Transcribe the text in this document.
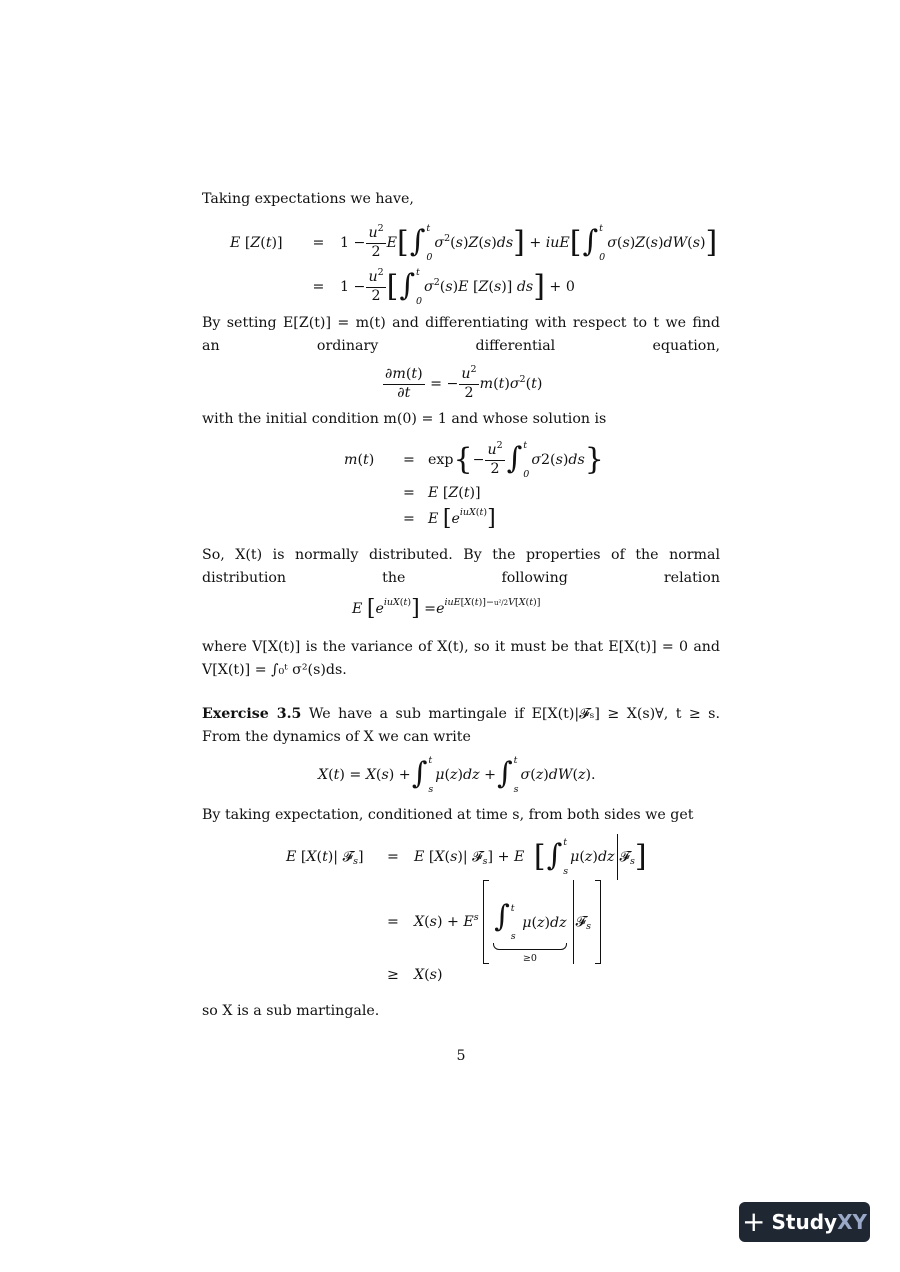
Taking expectations we have,
E [Z(t)]	=	$1 - \frac{u^2}{2}$ E [ ∫ t
0
$\sigma^2(s)Z(s)ds$ ] + iuE [ ∫ t
0
σ(s)Z(s)dW(s) ]
=	$1 - \frac{u^2}{2}$ [ ∫ t
0
$\sigma^2(s)E$ [Z(s)] ds ] + 0
By setting E[Z(t)] = m(t) and differentiating with respect to t we find an ordinary differential equation,
$\frac{\partial m(t)}{\partial t}$ = − $\frac{u^2}{2} m(t)\sigma^2(t)$
with the initial condition m(0) = 1 and whose solution is
m(t)	= exp { − $\frac{u^2}{2}$ ∫ t
0
σ2(s)ds }
= E [Z(t)]
= E
[ e iuX(t) ]
So, X(t) is normally distributed. By the properties of the normal distribution the following relation
E
[ e iuX(t) ] = e iuE[X(t)]−u²/2V[X(t)]
where V[X(t)] is the variance of X(t), so it must be that E[X(t)] = 0 and V[X(t)] = ∫₀ᵗ σ²(s)ds.
Exercise 3.5 We have a sub martingale if E[X(t)|𝓕ₛ] ≥ X(s)∀, t ≥ s. From the dynamics of X we can write
X(t) = X(s) + ∫ t
s
μ(z)dz + ∫ t
s
σ(z)dW(z).
By taking expectation, conditioned at time s, from both sides we get
E [X(t)| 𝓕$_s$]	=	E [X(s)| 𝓕$_s$] + E [ ∫ t
s
μ(z)dz 𝓕$_s$ ]
=	$X(s) + E^s$ ∫ t
s
μ(z)dz
≥0
𝓕$_s$
≥	X(s)
so X is a sub martingale.
5
+ StudyXY
